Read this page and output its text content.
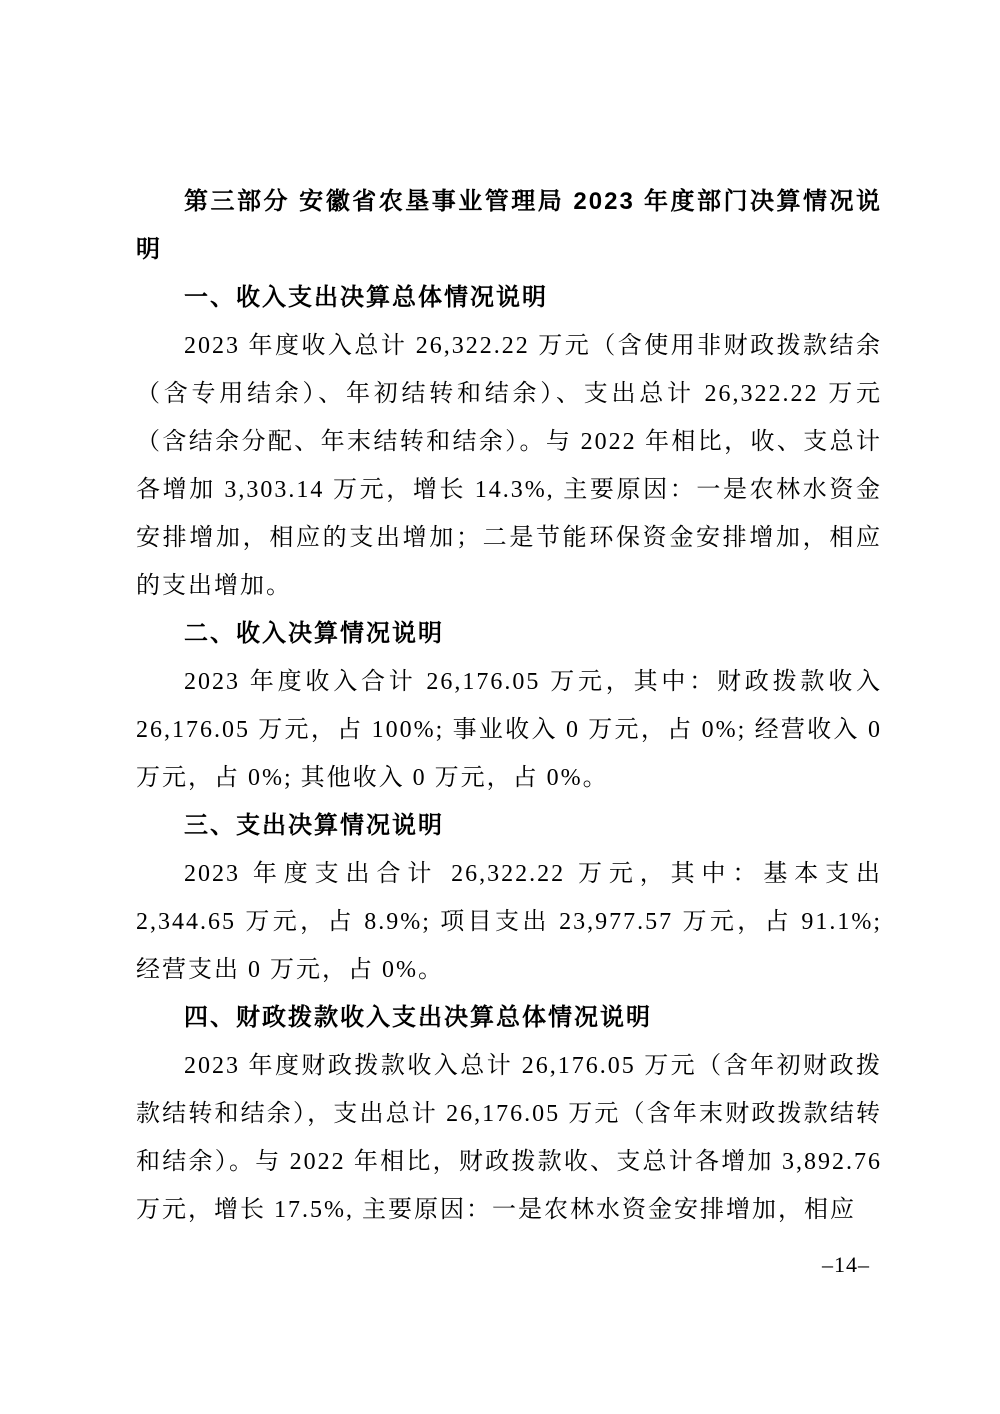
第三部分 安徽省农垦事业管理局 2023 年度部门决算情况说明

一、收入支出决算总体情况说明

2023 年度收入总计 26,322.22 万元（含使用非财政拨款结余（含专用结余）、年初结转和结余）、支出总计 26,322.22 万元（含结余分配、年末结转和结余）。与 2022 年相比，收、支总计各增加 3,303.14 万元，增长 14.3%, 主要原因：一是农林水资金安排增加，相应的支出增加；二是节能环保资金安排增加，相应的支出增加。

二、收入决算情况说明

2023 年度收入合计 26,176.05 万元，其中：财政拨款收入 26,176.05 万元，占 100%; 事业收入 0 万元，占 0%; 经营收入 0 万元，占 0%; 其他收入 0 万元，占 0%。

三、支出决算情况说明

2023 年度支出合计 26,322.22 万元，其中：基本支出 2,344.65 万元，占 8.9%; 项目支出 23,977.57 万元，占 91.1%; 经营支出 0 万元，占 0%。

四、财政拨款收入支出决算总体情况说明

2023 年度财政拨款收入总计 26,176.05 万元（含年初财政拨款结转和结余），支出总计 26,176.05 万元（含年末财政拨款结转和结余）。与 2022 年相比，财政拨款收、支总计各增加 3,892.76 万元，增长 17.5%, 主要原因：一是农林水资金安排增加，相应

–14–
